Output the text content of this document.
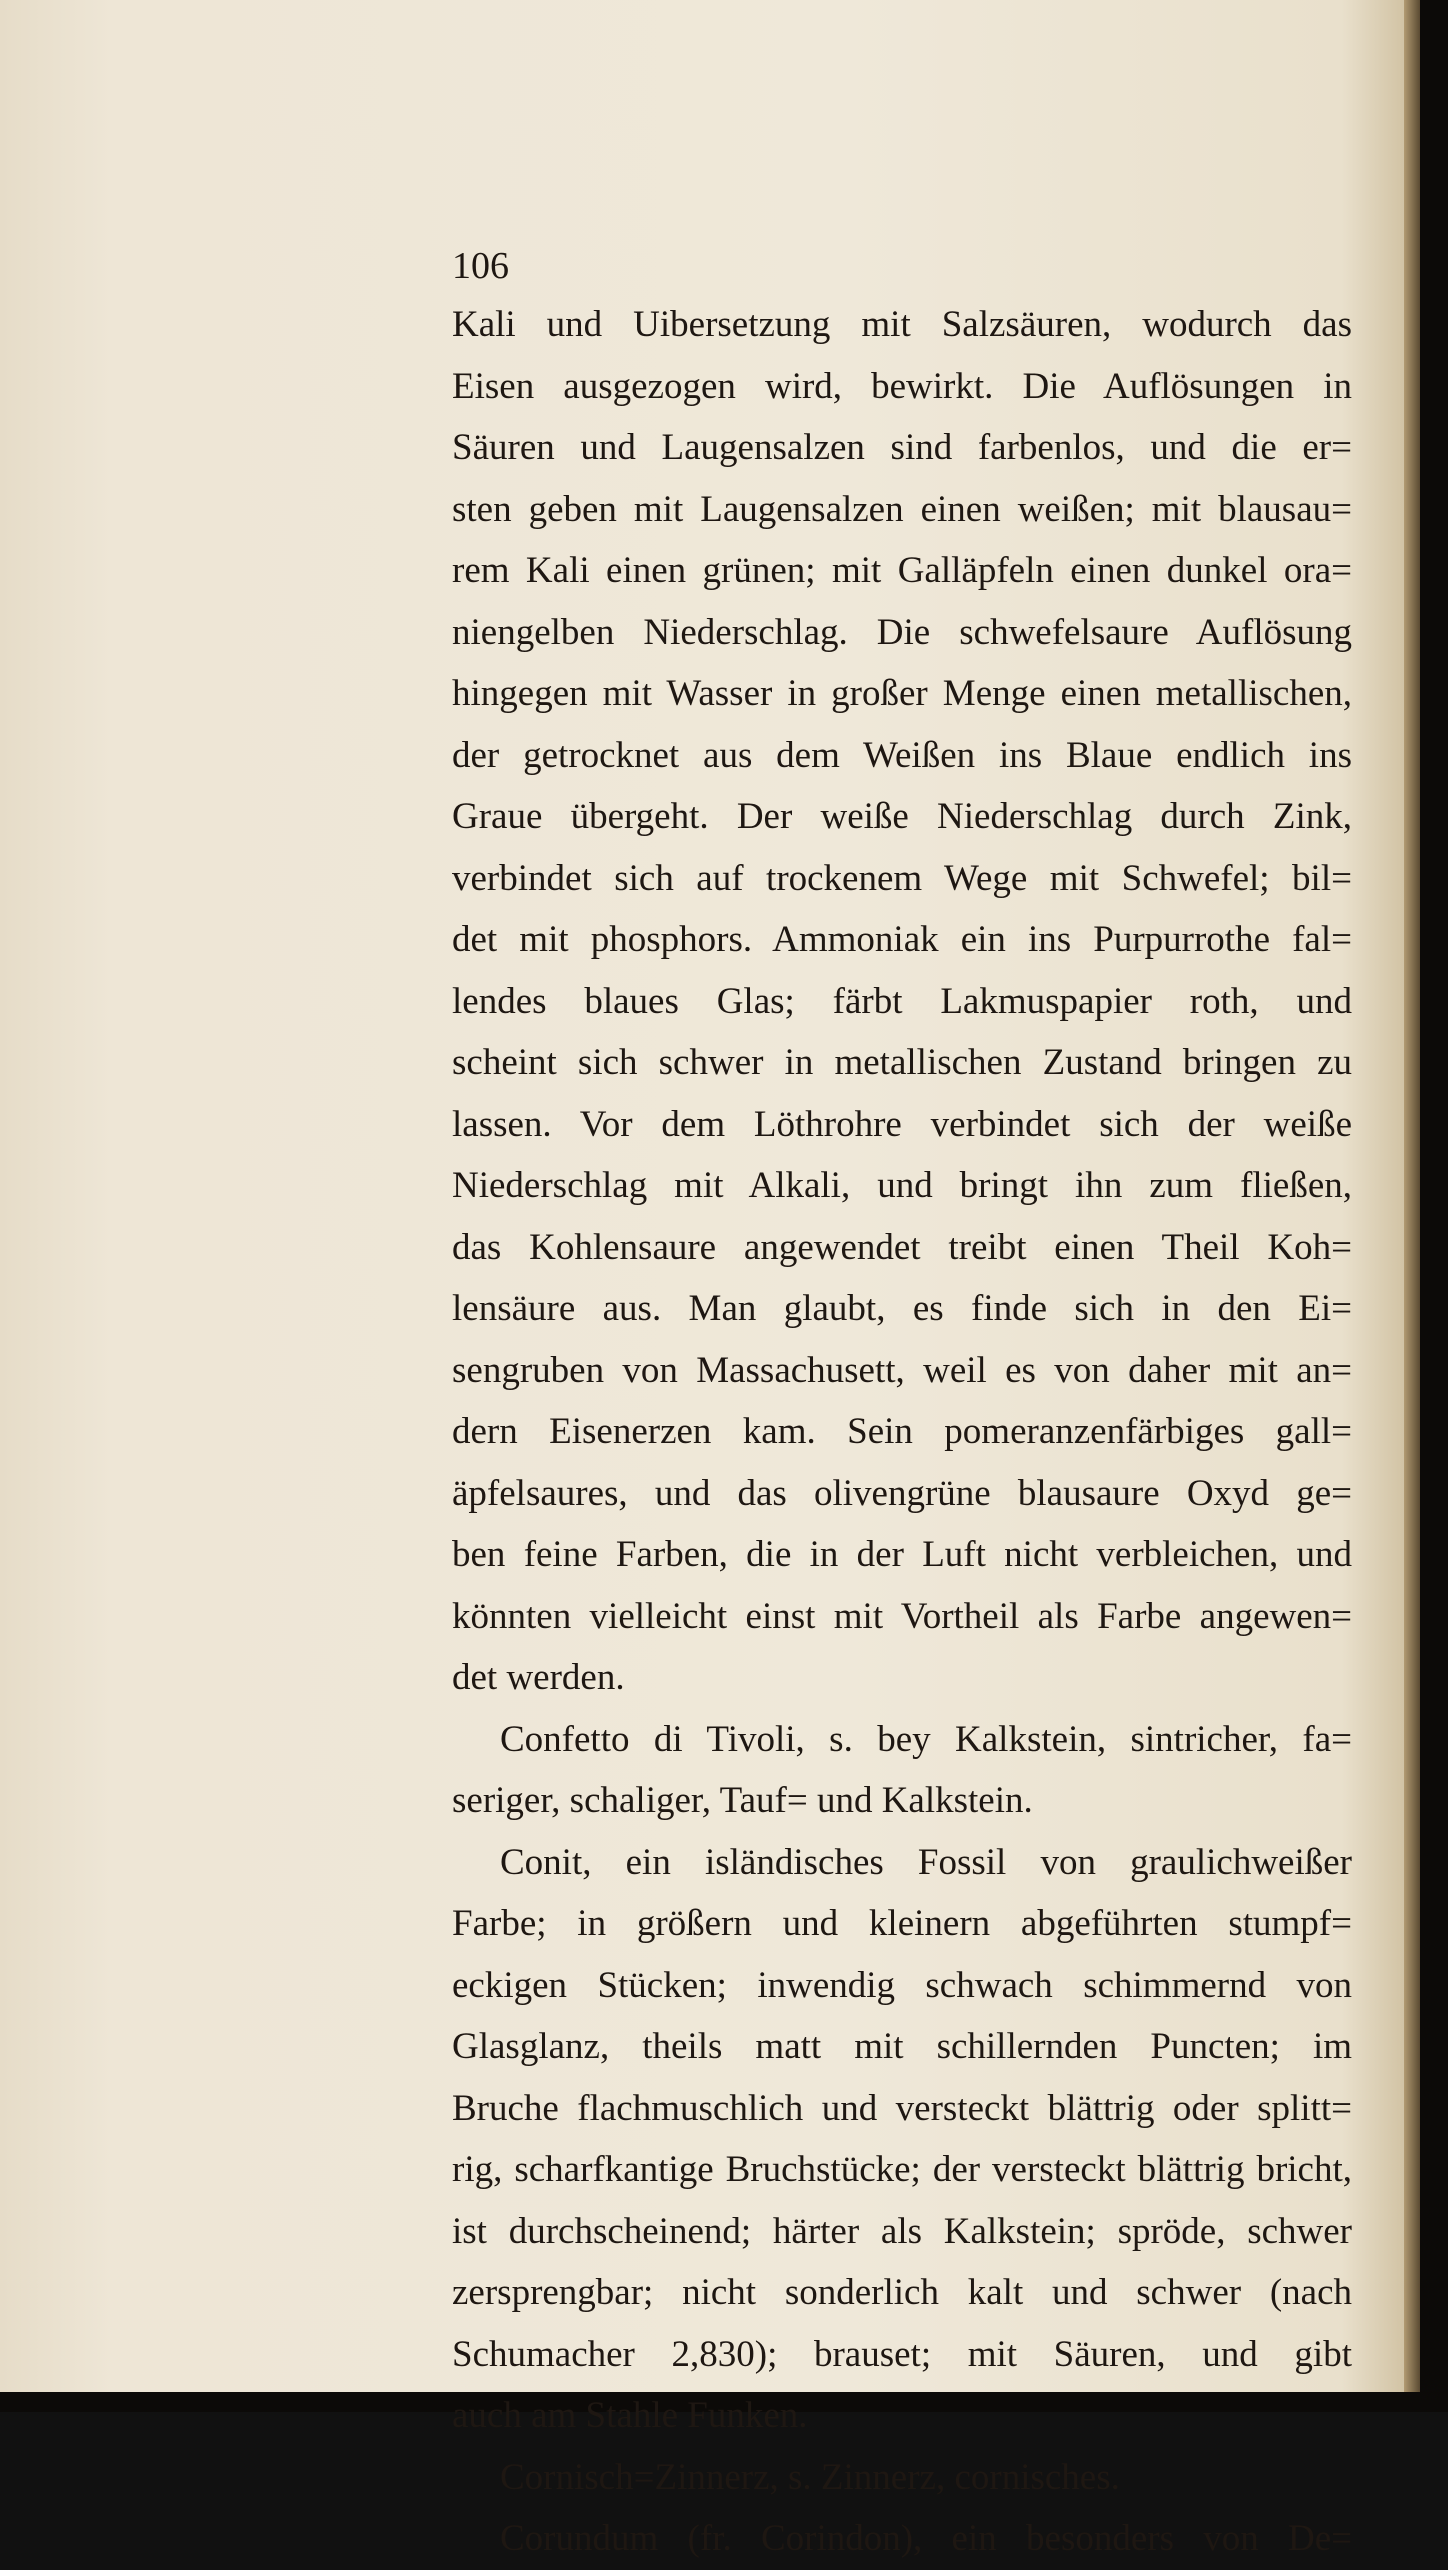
106
Kali und Uibersetzung mit Salzsäuren, wodurch das
Eisen ausgezogen wird, bewirkt. Die Auflösungen in
Säuren und Laugensalzen sind farbenlos, und die er=
sten geben mit Laugensalzen einen weißen; mit blausau=
rem Kali einen grünen; mit Galläpfeln einen dunkel ora=
niengelben Niederschlag. Die schwefelsaure Auflösung
hingegen mit Wasser in großer Menge einen metallischen,
der getrocknet aus dem Weißen ins Blaue endlich ins
Graue übergeht. Der weiße Niederschlag durch Zink,
verbindet sich auf trockenem Wege mit Schwefel; bil=
det mit phosphors. Ammoniak ein ins Purpurrothe fal=
lendes blaues Glas; färbt Lakmuspapier roth, und
scheint sich schwer in metallischen Zustand bringen zu
lassen. Vor dem Löthrohre verbindet sich der weiße
Niederschlag mit Alkali, und bringt ihn zum fließen,
das Kohlensaure angewendet treibt einen Theil Koh=
lensäure aus. Man glaubt, es finde sich in den Ei=
sengruben von Massachusett, weil es von daher mit an=
dern Eisenerzen kam. Sein pomeranzenfärbiges gall=
äpfelsaures, und das olivengrüne blausaure Oxyd ge=
ben feine Farben, die in der Luft nicht verbleichen, und
könnten vielleicht einst mit Vortheil als Farbe angewen=
det werden.
Confetto di Tivoli, s. bey Kalkstein, sintricher, fa=
seriger, schaliger, Tauf= und Kalkstein.
Conit, ein isländisches Fossil von graulichweißer
Farbe; in größern und kleinern abgeführten stumpf=
eckigen Stücken; inwendig schwach schimmernd von
Glasglanz, theils matt mit schillernden Puncten; im
Bruche flachmuschlich und versteckt blättrig oder splitt=
rig, scharfkantige Bruchstücke; der versteckt blättrig bricht,
ist durchscheinend; härter als Kalkstein; spröde, schwer
zersprengbar; nicht sonderlich kalt und schwer (nach
Schumacher 2,830); brauset; mit Säuren, und gibt
auch am Stahle Funken.
Cornisch=Zinnerz, s. Zinnerz, cornisches.
Corundum (fr. Corindon), ein besonders von De=
